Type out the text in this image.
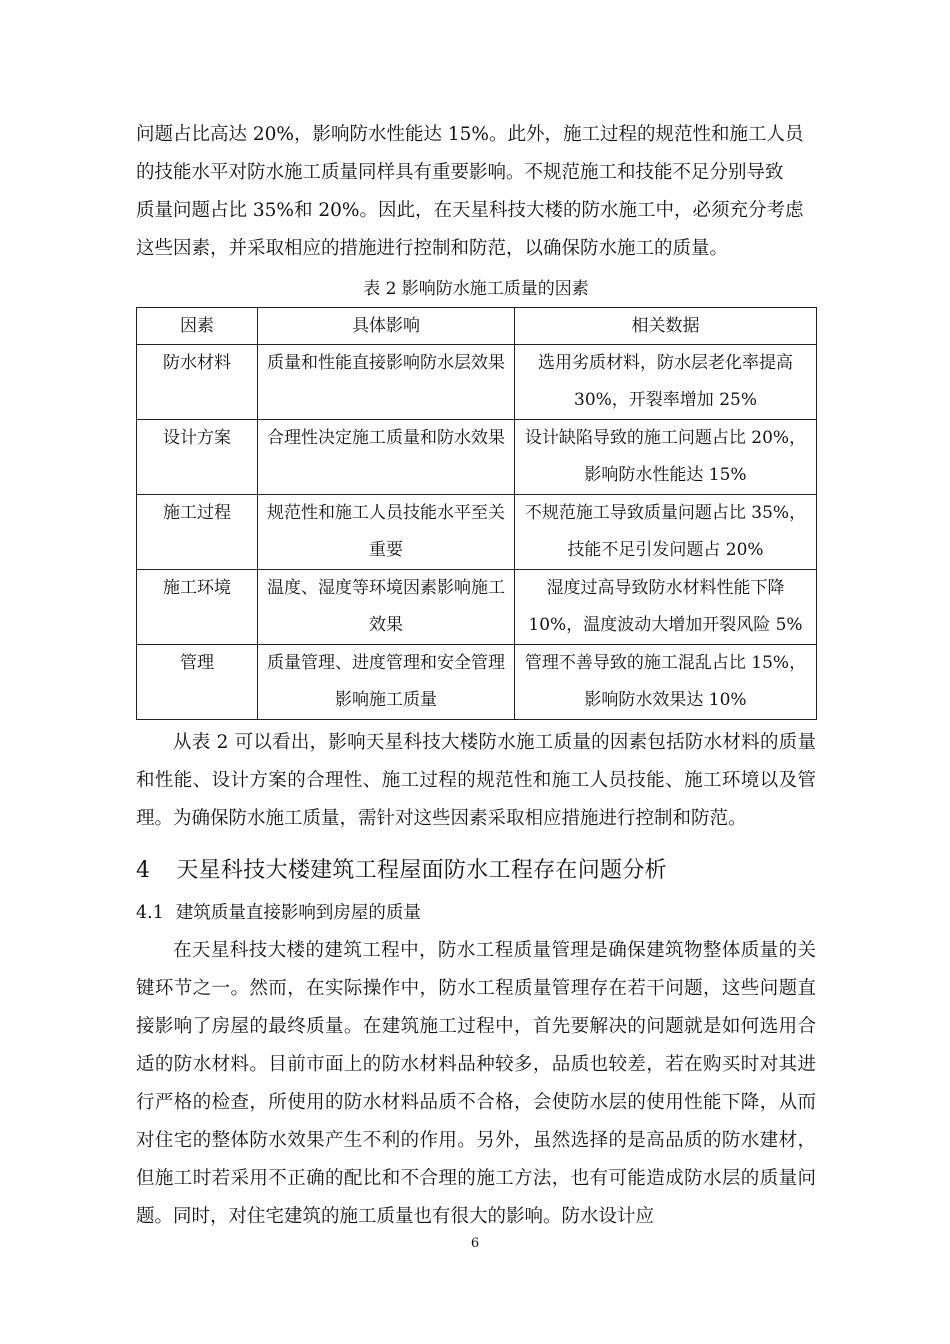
问题占比高达 20%，影响防水性能达 15%。此外，施工过程的规范性和施工人员
的技能水平对防水施工质量同样具有重要影响。不规范施工和技能不足分别导致
质量问题占比 35%和 20%。因此，在天星科技大楼的防水施工中，必须充分考虑
这些因素，并采取相应的措施进行控制和防范，以确保防水施工的质量。

表 2 影响防水施工质量的因素
因素	具体影响	相关数据
防水材料	质量和性能直接影响防水层效果	选用劣质材料，防水层老化率提高 30%，开裂率增加 25%
设计方案	合理性决定施工质量和防水效果	设计缺陷导致的施工问题占比 20%，影响防水性能达 15%
施工过程	规范性和施工人员技能水平至关重要	不规范施工导致质量问题占比 35%，技能不足引发问题占 20%
施工环境	温度、湿度等环境因素影响施工效果	湿度过高导致防水材料性能下降 10%，温度波动大增加开裂风险 5%
管理	质量管理、进度管理和安全管理影响施工质量	管理不善导致的施工混乱占比 15%，影响防水效果达 10%

从表 2 可以看出，影响天星科技大楼防水施工质量的因素包括防水材料的质量和性能、设计方案的合理性、施工过程的规范性和施工人员技能、施工环境以及管理。为确保防水施工质量，需针对这些因素采取相应措施进行控制和防范。

4 天星科技大楼建筑工程屋面防水工程存在问题分析
4.1 建筑质量直接影响到房屋的质量

在天星科技大楼的建筑工程中，防水工程质量管理是确保建筑物整体质量的关键环节之一。然而，在实际操作中，防水工程质量管理存在若干问题，这些问题直接影响了房屋的最终质量。在建筑施工过程中，首先要解决的问题就是如何选用合适的防水材料。目前市面上的防水材料品种较多，品质也较差，若在购买时对其进行严格的检查，所使用的防水材料品质不合格，会使防水层的使用性能下降，从而对住宅的整体防水效果产生不利的作用。另外，虽然选择的是高品质的防水建材，但施工时若采用不正确的配比和不合理的施工方法，也有可能造成防水层的质量问题。同时，对住宅建筑的施工质量也有很大的影响。防水设计应

6
